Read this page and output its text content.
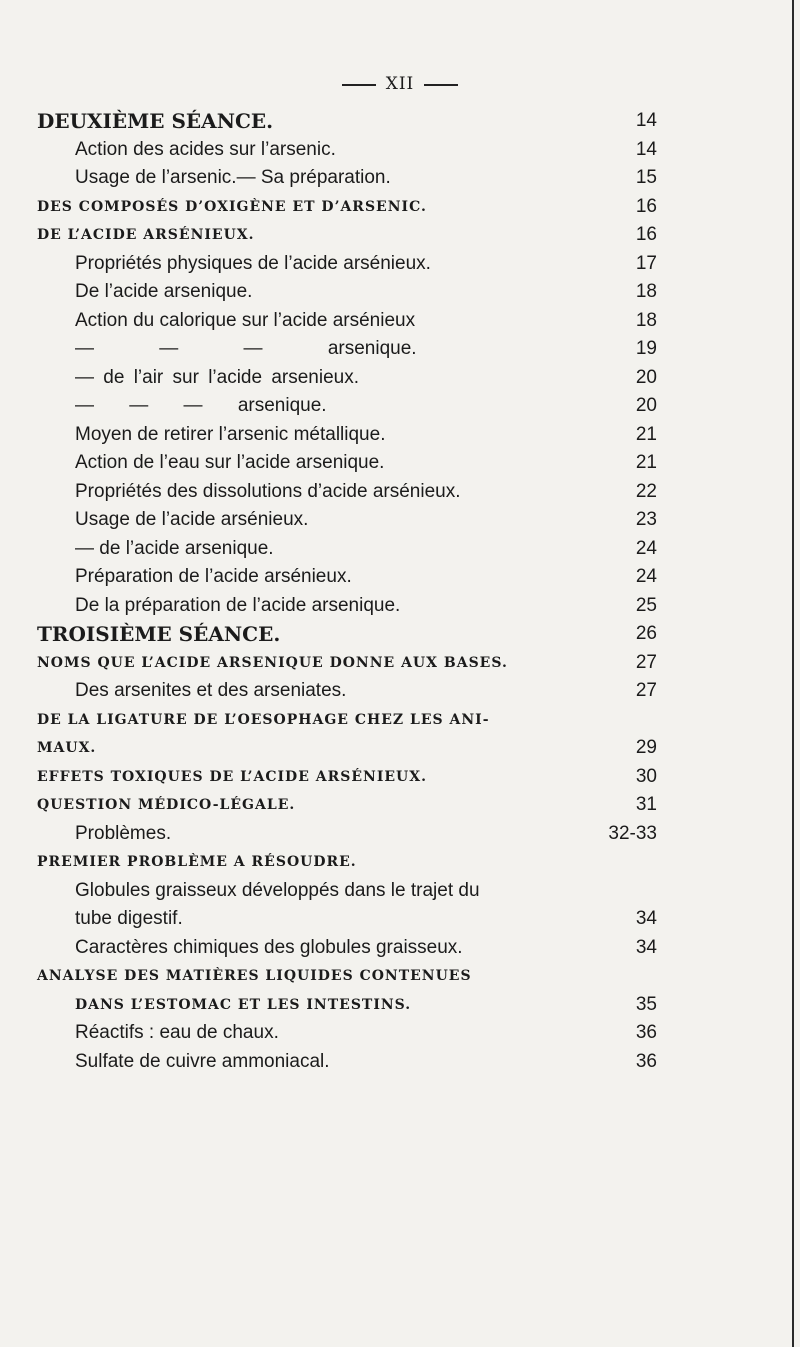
XII
DEUXIÈME SÉANCE.	14
Action des acides sur l’arsenic.	14
Usage de l’arsenic.— Sa préparation.	15
DES COMPOSÉS D’OXIGÈNE ET D’ARSENIC.	16
DE L’ACIDE ARSÉNIEUX.	16
Propriétés physiques de l’acide arsénieux.	17
De l’acide arsenique.	18
Action du calorique sur l’acide arsénieux	18
— — — arsenique.	19
— de l’air sur l’acide arsenieux.	20
— — — arsenique.	20
Moyen de retirer l’arsenic métallique.	21
Action de l’eau sur l’acide arsenique.	21
Propriétés des dissolutions d’acide arsénieux.	22
Usage de l’acide arsénieux.	23
— de l’acide arsenique.	24
Préparation de l’acide arsénieux.	24
De la préparation de l’acide arsenique.	25
TROISIÈME SÉANCE.	26
NOMS QUE L’ACIDE ARSENIQUE DONNE AUX BASES.	27
Des arsenites et des arseniates.	27
DE LA LIGATURE DE L’OESOPHAGE CHEZ LES ANI-
MAUX.	29
EFFETS TOXIQUES DE L’ACIDE ARSÉNIEUX.	30
QUESTION MÉDICO-LÉGALE.	31
Problèmes.	32-33
PREMIER PROBLÈME A RÉSOUDRE.
Globules graisseux développés dans le trajet du
tube digestif.	34
Caractères chimiques des globules graisseux.	34
ANALYSE DES MATIÈRES LIQUIDES CONTENUES
DANS L’ESTOMAC ET LES INTESTINS.	35
Réactifs : eau de chaux.	36
Sulfate de cuivre ammoniacal.	36
